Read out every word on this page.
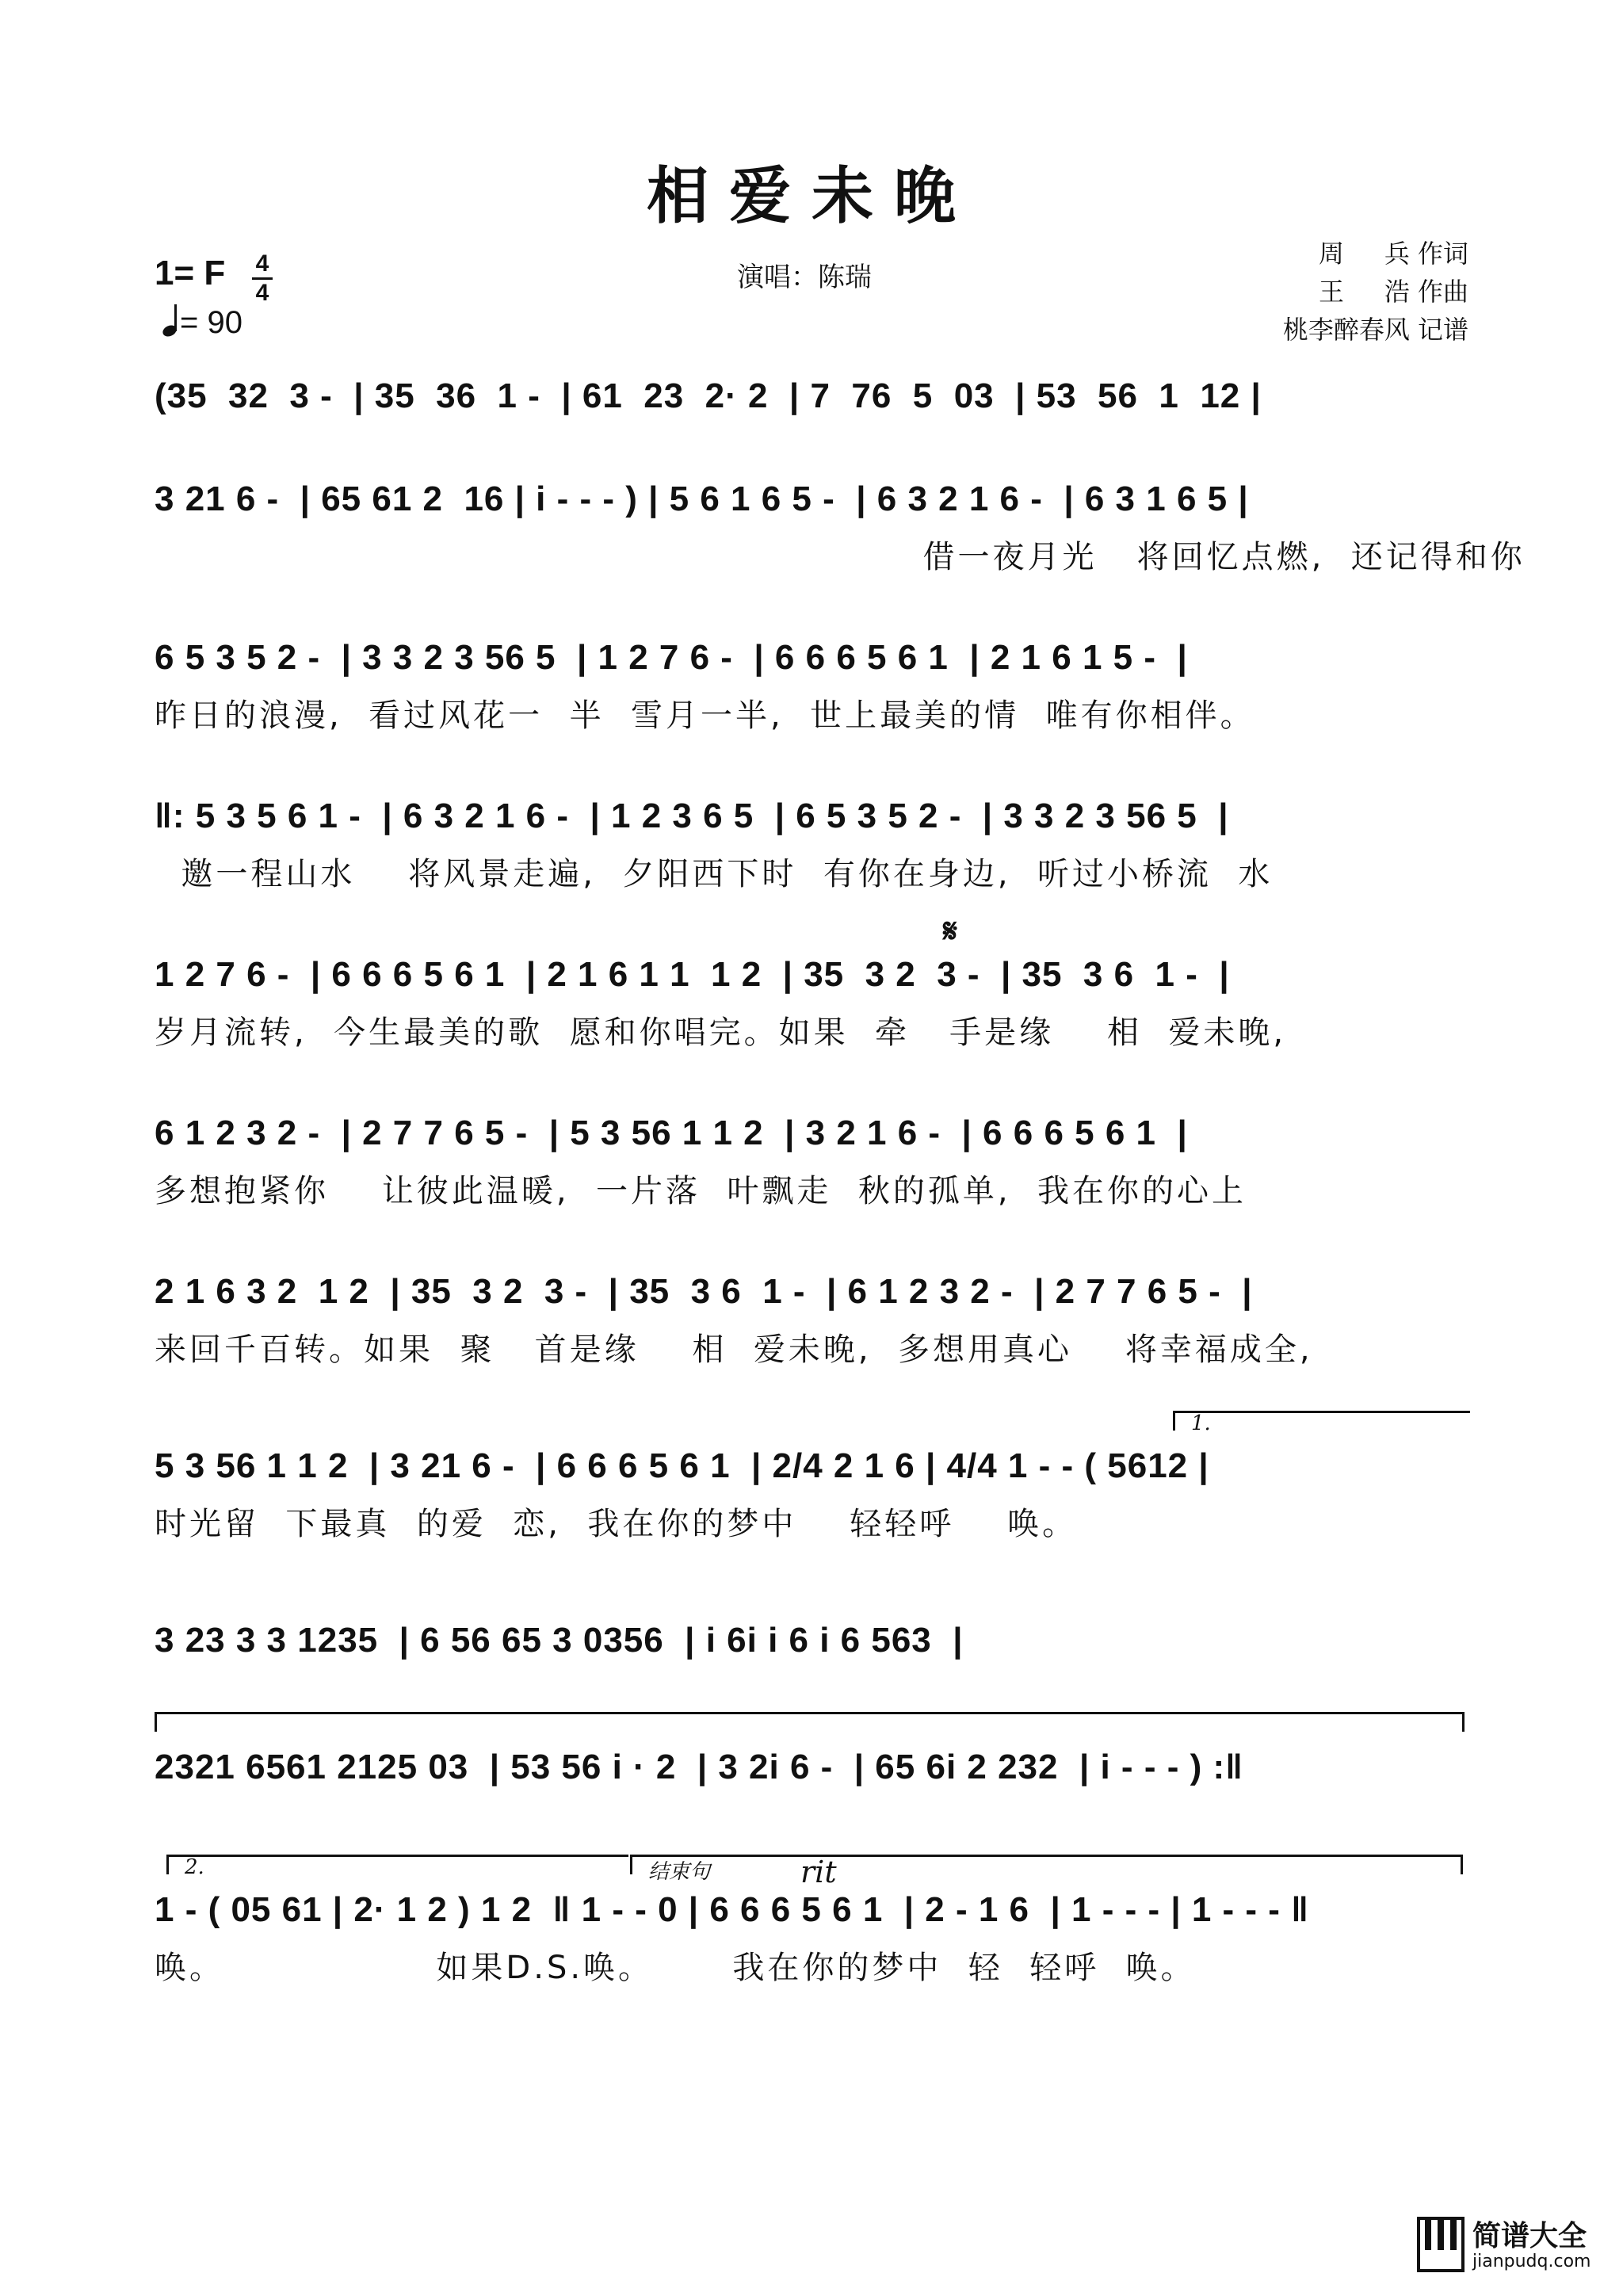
相爱未晚
1= F 4
4
= 90
演唱：陈瑞
周     兵 作词
王     浩 作曲
桃李醉春风 记谱
(35  32  3 -  | 35  36  1 -  | 61  23  2· 2  | 7  76  5  03  | 53  56  1  12 |
3 21 6 -  | 65 61 2  16 | i - - - ) | 5 6 1 6 5 -  | 6 3 2 1 6 -  | 6 3 1 6 5 |
借一夜月光   将回忆点燃,  还记得和你
6 5 3 5 2 -  | 3 3 2 3 56 5  | 1 2 7 6 -  | 6 6 6 5 6 1  | 2 1 6 1 5 -  |
昨日的浪漫,  看过风花一  半  雪月一半,  世上最美的情  唯有你相伴。
‖: 5 3 5 6 1 -  | 6 3 2 1 6 -  | 1 2 3 6 5  | 6 5 3 5 2 -  | 3 3 2 3 56 5  |
邀一程山水    将风景走遍,  夕阳西下时  有你在身边,  听过小桥流  水
𝄋
1 2 7 6 -  | 6 6 6 5 6 1  | 2 1 6 1 1  1 2  | 35  3 2  3 -  | 35  3 6  1 -  |
岁月流转,  今生最美的歌  愿和你唱完。如果  牵   手是缘    相  爱未晚,
6 1 2 3 2 -  | 2 7 7 6 5 -  | 5 3 56 1 1 2  | 3 2 1 6 -  | 6 6 6 5 6 1  |
多想抱紧你    让彼此温暖,  一片落  叶飘走  秋的孤单,  我在你的心上
2 1 6 3 2  1 2  | 35  3 2  3 -  | 35  3 6  1 -  | 6 1 2 3 2 -  | 2 7 7 6 5 -  |
来回千百转。如果  聚   首是缘    相  爱未晚,  多想用真心    将幸福成全,
1.
5 3 56 1 1 2  | 3 21 6 -  | 6 6 6 5 6 1  | 2/4 2 1 6 | 4/4 1 - - ( 5612 |
时光留  下最真  的爱  恋,  我在你的梦中    轻轻呼    唤。
3 23 3 3 1235  | 6 56 65 3 0356  | i 6i i 6 i 6 563  |
2321 6561 2125 03  | 53 56 i · 2  | 3 2i 6 -  | 65 6i 2 232  | i - - - ) :‖
2.	结束句	rit
1 - ( 05 61 | 2· 1 2 ) 1 2  ‖ 1 - - 0 | 6 6 6 5 6 1  | 2 - 1 6  | 1 - - - | 1 - - - ‖
唤。                如果D.S.唤。      我在你的梦中  轻  轻呼  唤。
简谱大全
jianpudq.com
